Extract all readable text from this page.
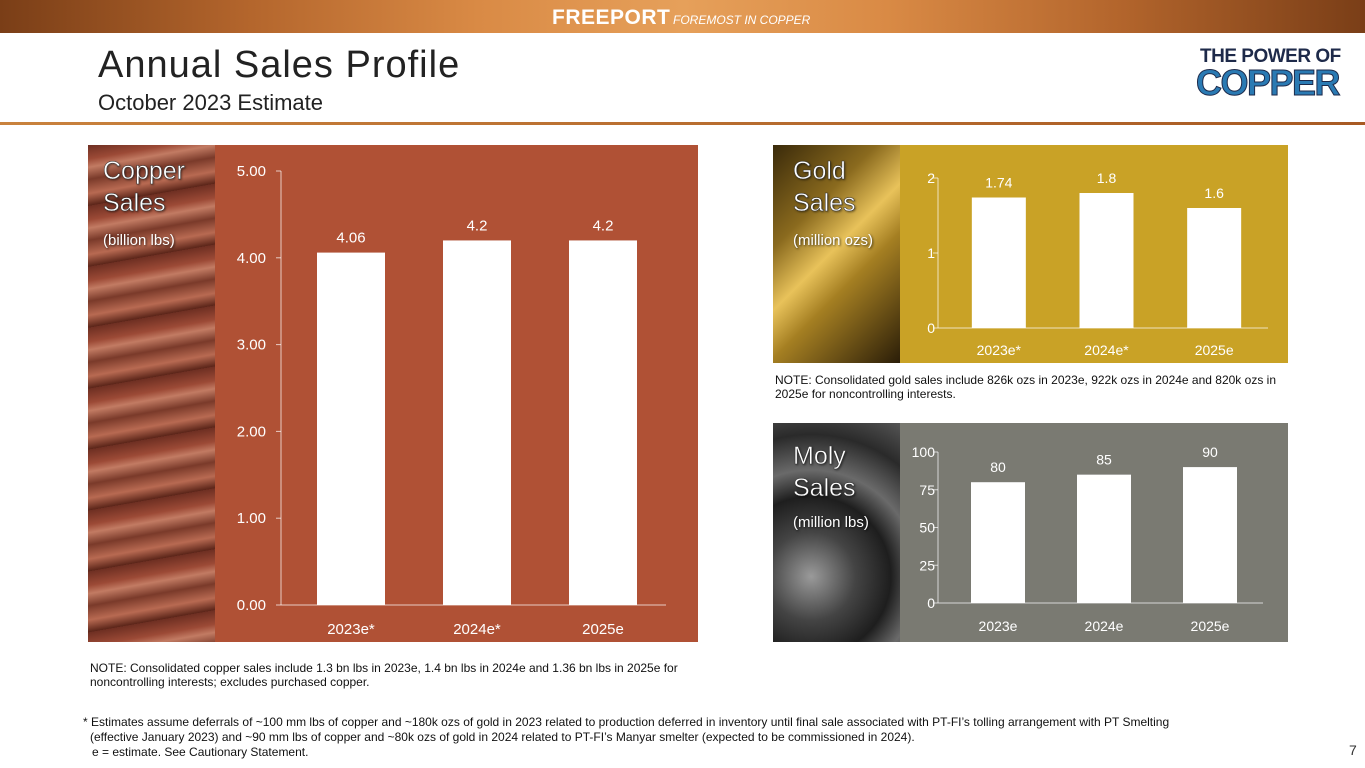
FREEPORT FOREMOST IN COPPER
Annual Sales Profile
October 2023 Estimate
THE POWER OF
COPPER
Copper
Sales
(billion lbs)
0.00
1.00
2.00
3.00
4.00
5.00
4.06
2023e*
4.2
2024e*
4.2
2025e
Gold
Sales
(million ozs)
0
1
2	1.74
2023e*
1.8
2024e*
1.6
2025e
Moly
Sales
(million lbs)
0
25
50
75
100
80
2023e
85
2024e
90
2025e
NOTE: Consolidated gold sales include 826k ozs in 2023e, 922k ozs in 2024e and 820k ozs in 2025e for noncontrolling interests.
NOTE: Consolidated copper sales include 1.3 bn lbs in 2023e, 1.4 bn lbs in 2024e and 1.36 bn lbs in 2025e for noncontrolling interests; excludes purchased copper.
* Estimates assume deferrals of ~100 mm lbs of copper and ~180k ozs of gold in 2023 related to production deferred in inventory until final sale associated with PT-FI’s tolling arrangement with PT Smelting
(effective January 2023) and ~90 mm lbs of copper and ~80k ozs of gold in 2024 related to PT-FI’s Manyar smelter (expected to be commissioned in 2024).
e = estimate. See Cautionary Statement.	7
